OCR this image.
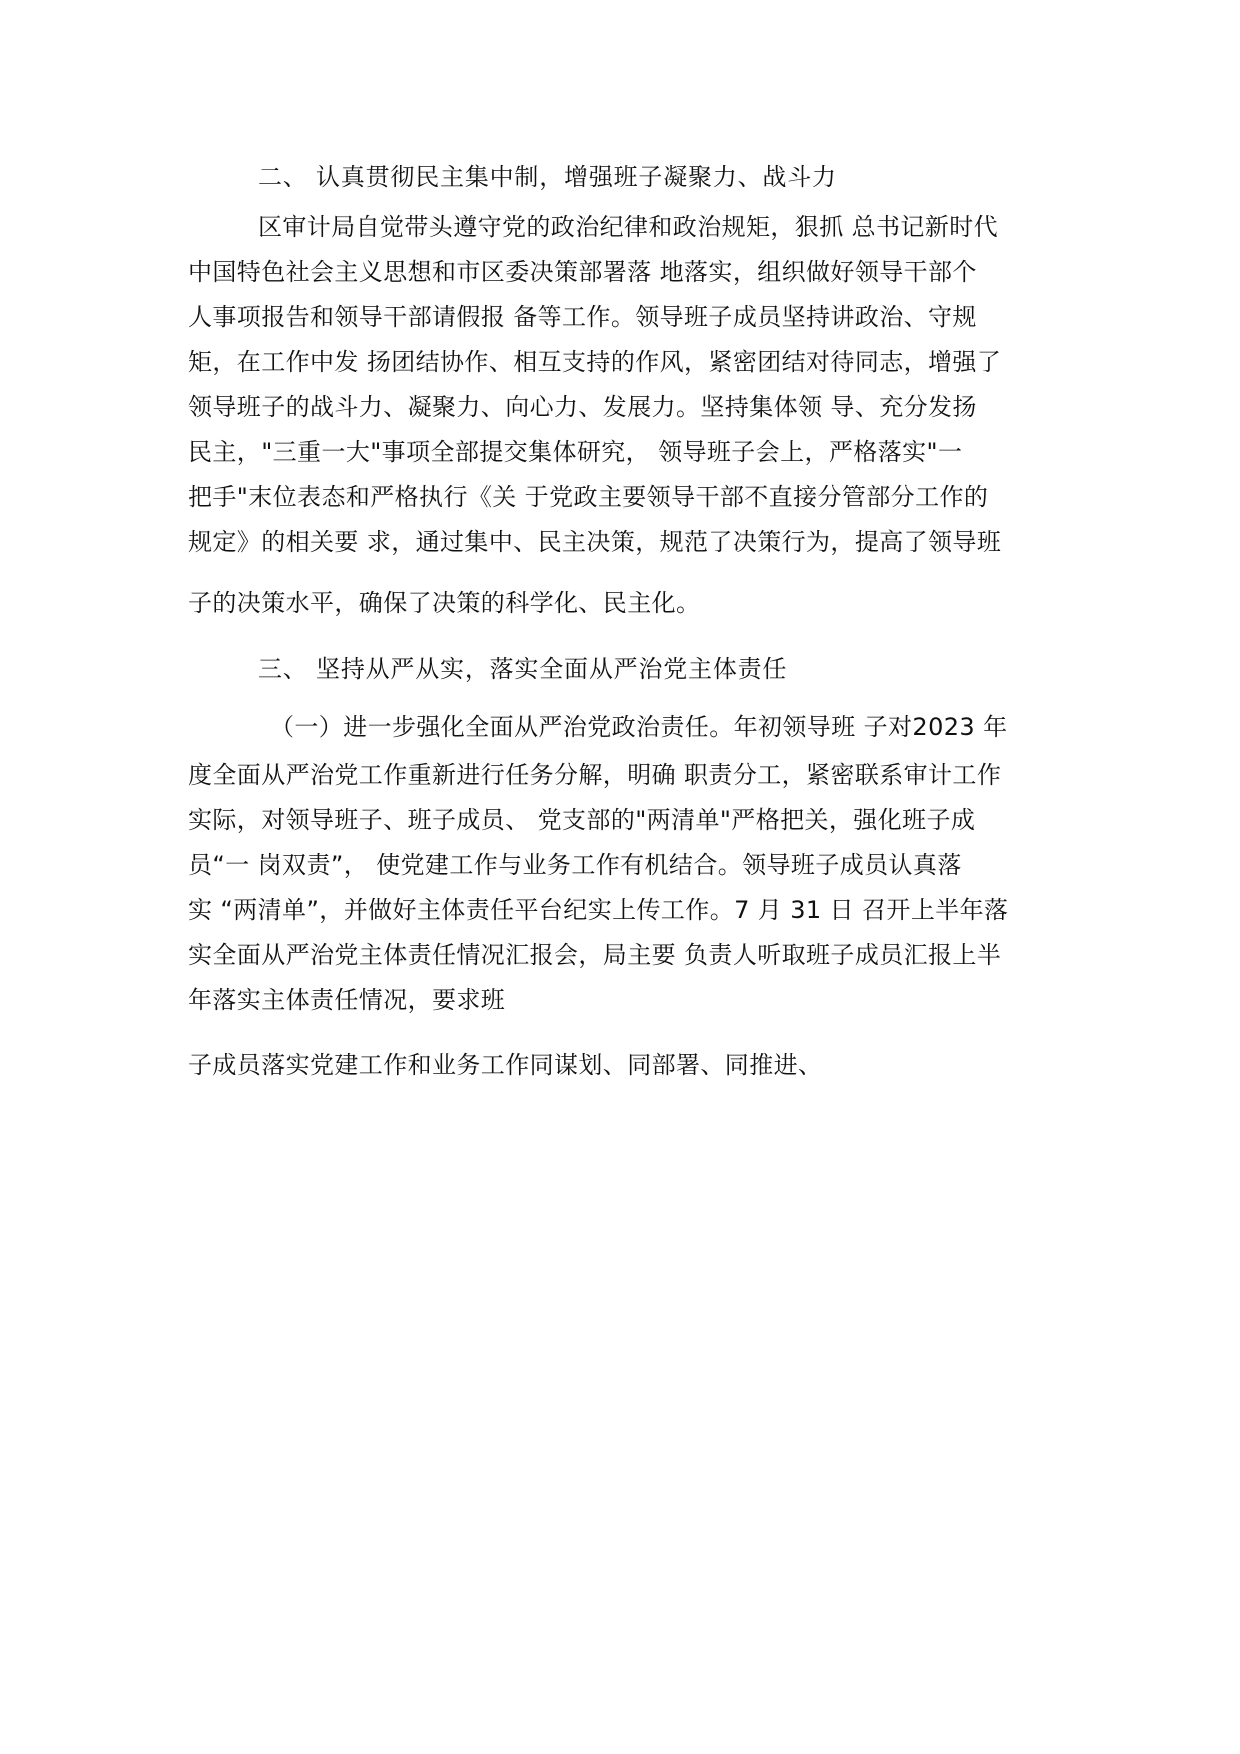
二、 认真贯彻民主集中制，增强班子凝聚力、战斗力
区审计局自觉带头遵守党的政治纪律和政治规矩，狠抓 总书记新时代
中国特色社会主义思想和市区委决策部署落 地落实，组织做好领导干部个
人事项报告和领导干部请假报 备等工作。领导班子成员坚持讲政治、守规
矩，在工作中发 扬团结协作、相互支持的作风，紧密团结对待同志，增强了
领导班子的战斗力、凝聚力、向心力、发展力。坚持集体领 导、充分发扬
民主，"三重一大"事项全部提交集体研究， 领导班子会上，严格落实"一
把手"末位表态和严格执行《关 于党政主要领导干部不直接分管部分工作的
规定》的相关要 求，通过集中、民主决策，规范了决策行为，提高了领导班
子的决策水平，确保了决策的科学化、民主化。
三、 坚持从严从实，落实全面从严治党主体责任
（一）进一步强化全面从严治党政治责任。年初领导班 子对2023 年
度全面从严治党工作重新进行任务分解，明确 职责分工，紧密联系审计工作
实际，对领导班子、班子成员、 党支部的"两清单"严格把关，强化班子成
员“一 岗双责”， 使党建工作与业务工作有机结合。领导班子成员认真落
实 “两清单”，并做好主体责任平台纪实上传工作。7 月 31 日 召开上半年落
实全面从严治党主体责任情况汇报会，局主要 负责人听取班子成员汇报上半
年落实主体责任情况，要求班
子成员落实党建工作和业务工作同谋划、同部署、同推进、
